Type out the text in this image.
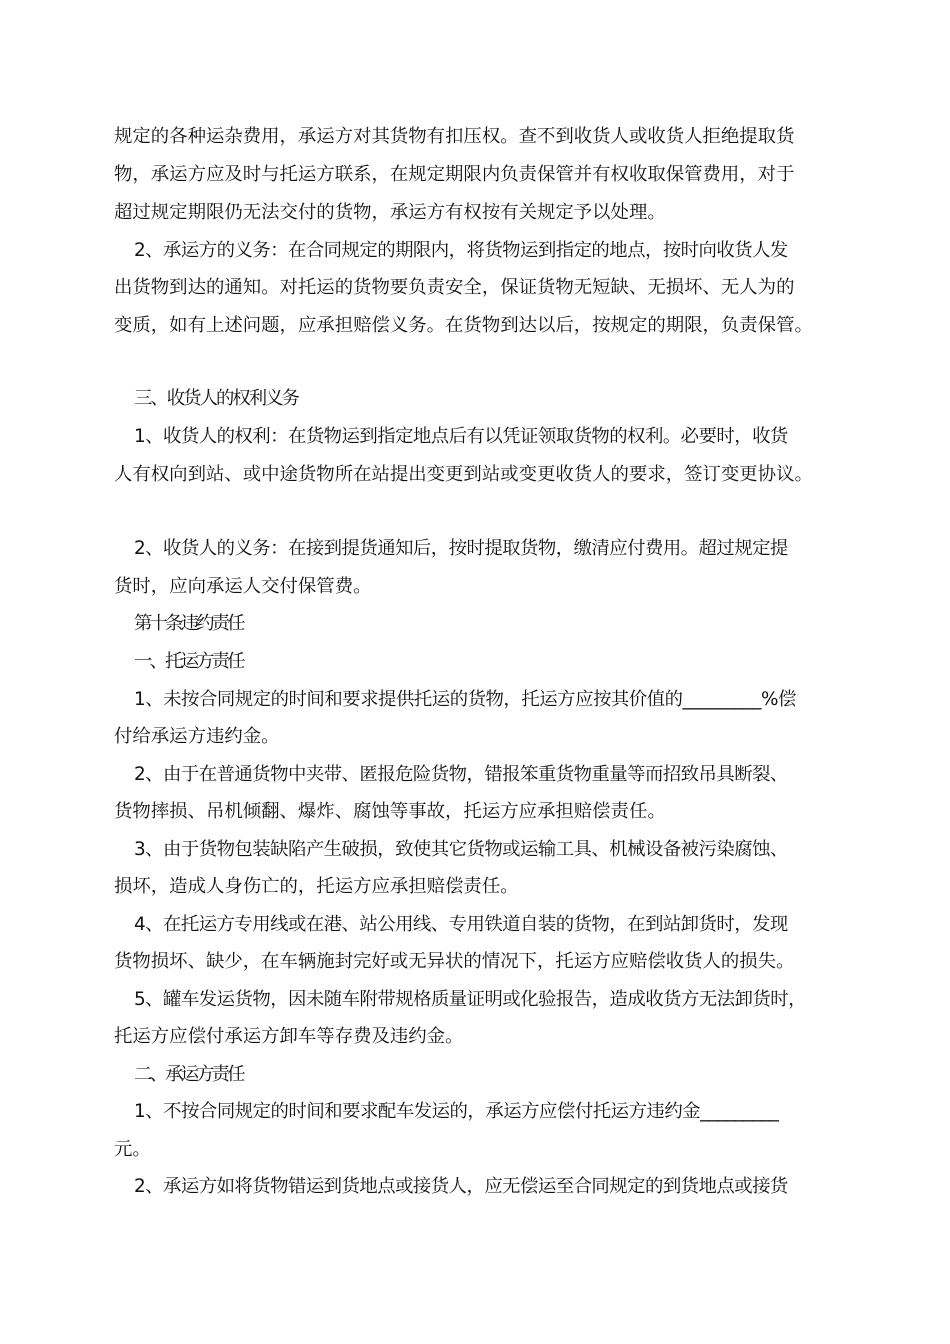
规定的各种运杂费用，承运方对其货物有扣压权。查不到收货人或收货人拒绝提取货
物，承运方应及时与托运方联系，在规定期限内负责保管并有权收取保管费用，对于
超过规定期限仍无法交付的货物，承运方有权按有关规定予以处理。
2、承运方的义务：在合同规定的期限内，将货物运到指定的地点，按时向收货人发
出货物到达的通知。对托运的货物要负责安全，保证货物无短缺、无损坏、无人为的
变质，如有上述问题，应承担赔偿义务。在货物到达以后，按规定的期限，负责保管。
三、收货人的权利义务
1、收货人的权利：在货物运到指定地点后有以凭证领取货物的权利。必要时，收货
人有权向到站、或中途货物所在站提出变更到站或变更收货人的要求，签订变更协议。
2、收货人的义务：在接到提货通知后，按时提取货物，缴清应付费用。超过规定提
货时，应向承运人交付保管费。
第十条违约责任
一、托运方责任
1、未按合同规定的时间和要求提供托运的货物，托运方应按其价值的_________%偿
付给承运方违约金。
2、由于在普通货物中夹带、匿报危险货物，错报笨重货物重量等而招致吊具断裂、
货物摔损、吊机倾翻、爆炸、腐蚀等事故，托运方应承担赔偿责任。
3、由于货物包装缺陷产生破损，致使其它货物或运输工具、机械设备被污染腐蚀、
损坏，造成人身伤亡的，托运方应承担赔偿责任。
4、在托运方专用线或在港、站公用线、专用铁道自装的货物，在到站卸货时，发现
货物损坏、缺少，在车辆施封完好或无异状的情况下，托运方应赔偿收货人的损失。
5、罐车发运货物，因未随车附带规格质量证明或化验报告，造成收货方无法卸货时，
托运方应偿付承运方卸车等存费及违约金。
二、承运方责任
1、不按合同规定的时间和要求配车发运的，承运方应偿付托运方违约金_________
元。
2、承运方如将货物错运到货地点或接货人，应无偿运至合同规定的到货地点或接货
